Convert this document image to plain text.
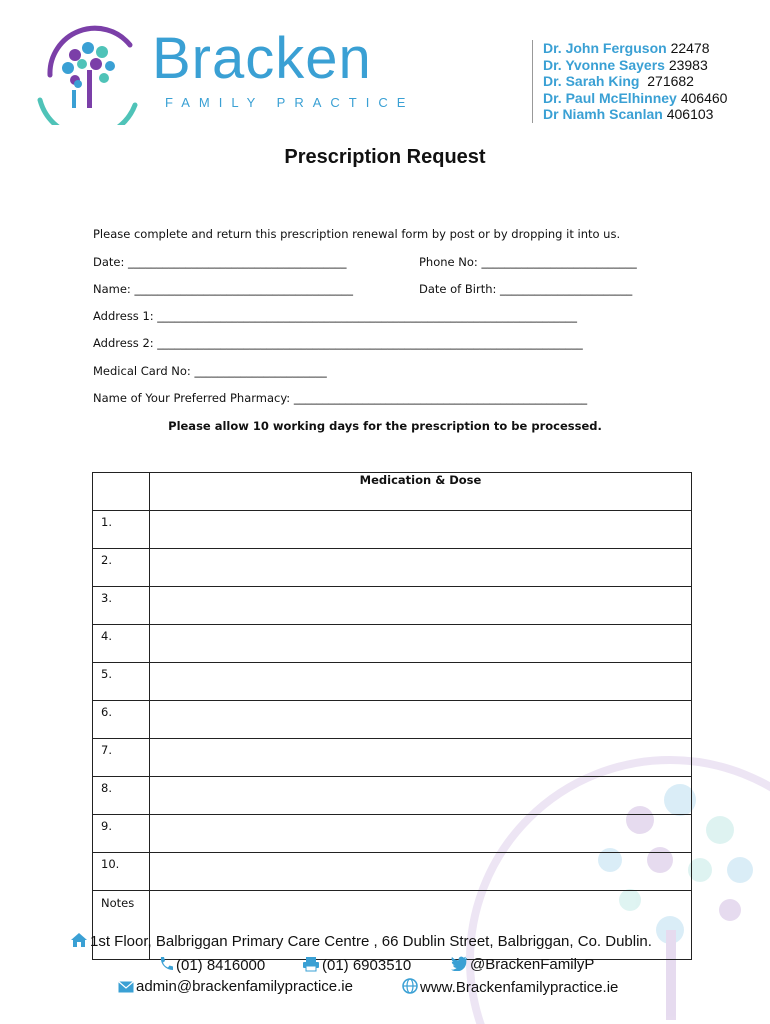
Bracken
FAMILY PRACTICE
Dr. John Ferguson 22478
Dr. Yvonne Sayers 23983
Dr. Sarah King 271682
Dr. Paul McElhinney 406460
Dr Niamh Scanlan 406103
Prescription Request
Please complete and return this prescription renewal form by post or by dropping it into us.
Date: ______________________________________	Phone No: ___________________________
Name: ______________________________________	Date of Birth: _______________________
Address 1: _________________________________________________________________________
Address 2: __________________________________________________________________________
Medical Card No: _______________________
Name of Your Preferred Pharmacy: ___________________________________________________
Please allow 10 working days for the prescription to be processed.
	Medication & Dose
1.	
2.	
3.	
4.	
5.	
6.	
7.	
8.	
9.	
10.	

Notes	

1st Floor, Balbriggan Primary Care Centre , 66 Dublin Street, Balbriggan, Co. Dublin.
(01) 8416000	(01) 6903510	@BrackenFamilyP
admin@brackenfamilypractice.ie	www.Brackenfamilypractice.ie
